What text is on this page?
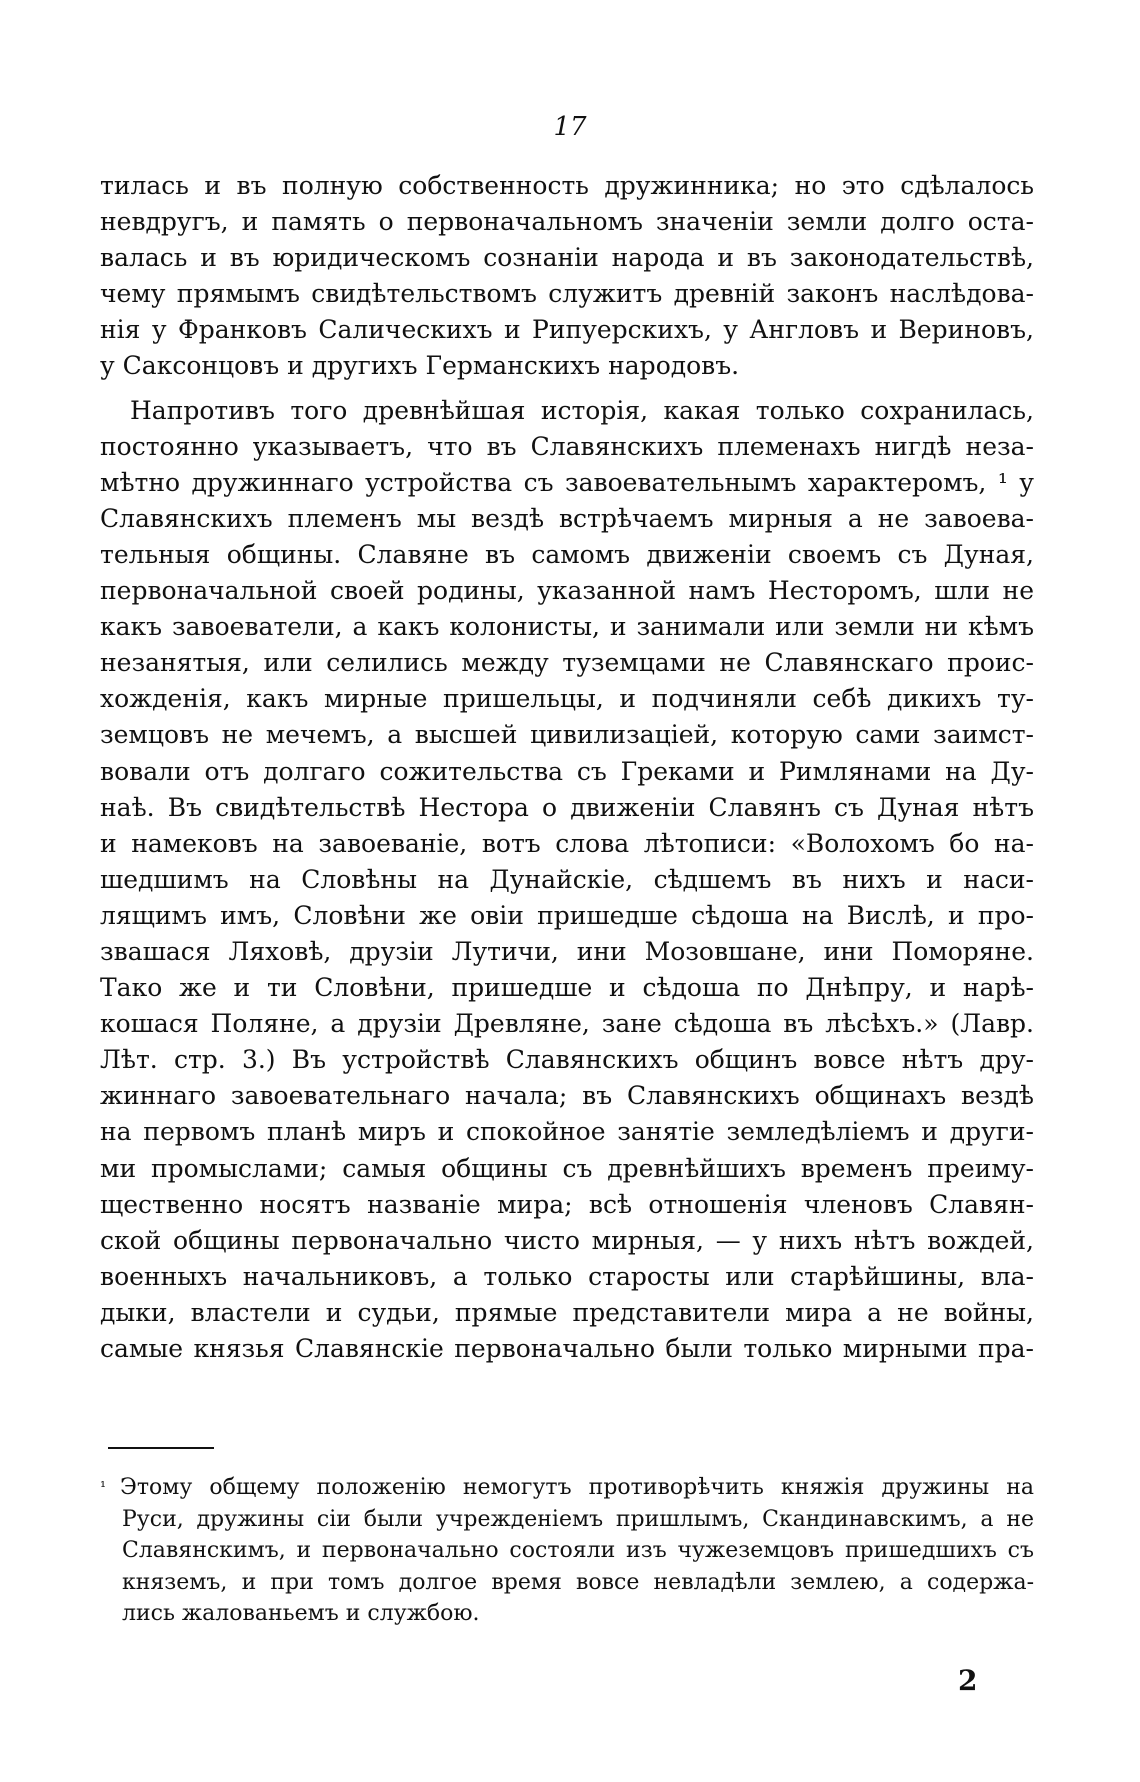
17
тилась и въ полную собственность дружинника; но это сдѣлалось
невдругъ, и память о первоначальномъ значеніи земли долго оста-
валась и въ юридическомъ сознаніи народа и въ законодательствѣ,
чему прямымъ свидѣтельствомъ служитъ древній законъ наслѣдова-
нія у Франковъ Салическихъ и Рипуерскихъ, у Англовъ и Вериновъ,
у Саксонцовъ и другихъ Германскихъ народовъ.
Напротивъ того древнѣйшая исторія, какая только сохранилась,
постоянно указываетъ, что въ Славянскихъ племенахъ нигдѣ неза-
мѣтно дружиннаго устройства съ завоевательнымъ характеромъ, ¹ у
Славянскихъ племенъ мы вездѣ встрѣчаемъ мирныя а не завоева-
тельныя общины. Славяне въ самомъ движеніи своемъ съ Дуная,
первоначальной своей родины, указанной намъ Несторомъ, шли не
какъ завоеватели, а какъ колонисты, и занимали или земли ни кѣмъ
незанятыя, или селились между туземцами не Славянскаго проис-
хожденія, какъ мирные пришельцы, и подчиняли себѣ дикихъ ту-
земцовъ не мечемъ, а высшей цивилизаціей, которую сами заимст-
вовали отъ долгаго сожительства съ Греками и Римлянами на Ду-
наѣ. Въ свидѣтельствѣ Нестора о движеніи Славянъ съ Дуная нѣтъ
и намековъ на завоеваніе, вотъ слова лѣтописи: «Волохомъ бо на-
шедшимъ на Словѣны на Дунайскіе, сѣдшемъ въ нихъ и наси-
лящимъ имъ, Словѣни же овіи пришедше сѣдоша на Вислѣ, и про-
звашася Ляховѣ, друзіи Лутичи, ини Мозовшане, ини Поморяне.
Тако же и ти Словѣни, пришедше и сѣдоша по Днѣпру, и нарѣ-
кошася Поляне, а друзіи Древляне, зане сѣдоша въ лѣсѣхъ.» (Лавр.
Лѣт. стр. 3.) Въ устройствѣ Славянскихъ общинъ вовсе нѣтъ дру-
жиннаго завоевательнаго начала; въ Славянскихъ общинахъ вездѣ
на первомъ планѣ миръ и спокойное занятіе земледѣліемъ и други-
ми промыслами; самыя общины съ древнѣйшихъ временъ преиму-
щественно носятъ названіе мира; всѣ отношенія членовъ Славян-
ской общины первоначально чисто мирныя, — у нихъ нѣтъ вождей,
военныхъ начальниковъ, а только старосты или старѣйшины, вла-
дыки, властели и судьи, прямые представители мира а не войны,
самые князья Славянскіе первоначально были только мирными пра-
$^{^1}$ Этому общему положенію немогутъ противорѣчить княжія дружины на
Руси, дружины сіи были учрежденіемъ пришлымъ, Скандинавскимъ, а не
Славянскимъ, и первоначально состояли изъ чужеземцовъ пришедшихъ съ
княземъ, и при томъ долгое время вовсе невладѣли землею, а содержа-
лись жалованьемъ и службою.
2
